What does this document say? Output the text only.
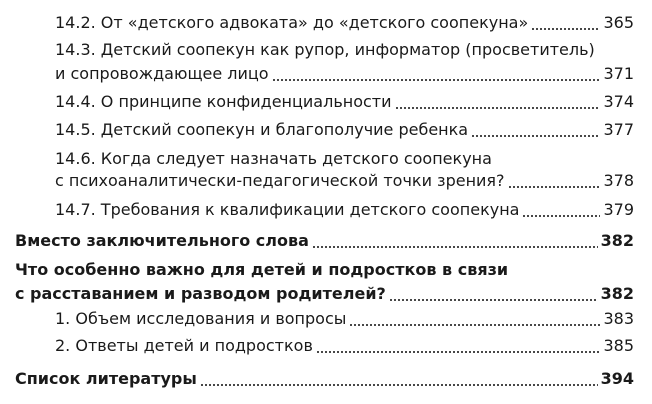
14.2. От «детского адвоката» до «детского соопекуна»	365
14.3. Детский соопекун как рупор, информатор (просветитель)
и сопровождающее лицо	371
14.4. О принципе конфиденциальности	374
14.5. Детский соопекун и благополучие ребенка	377
14.6. Когда следует назначать детского соопекуна
с психоаналитически-педагогической точки зрения?	378
14.7. Требования к квалификации детского соопекуна	379
Вместо заключительного слова	382
Что особенно важно для детей и подростков в связи
с расставанием и разводом родителей?	382
1. Объем исследования и вопросы	383
2. Ответы детей и подростков	385
Список литературы	394
